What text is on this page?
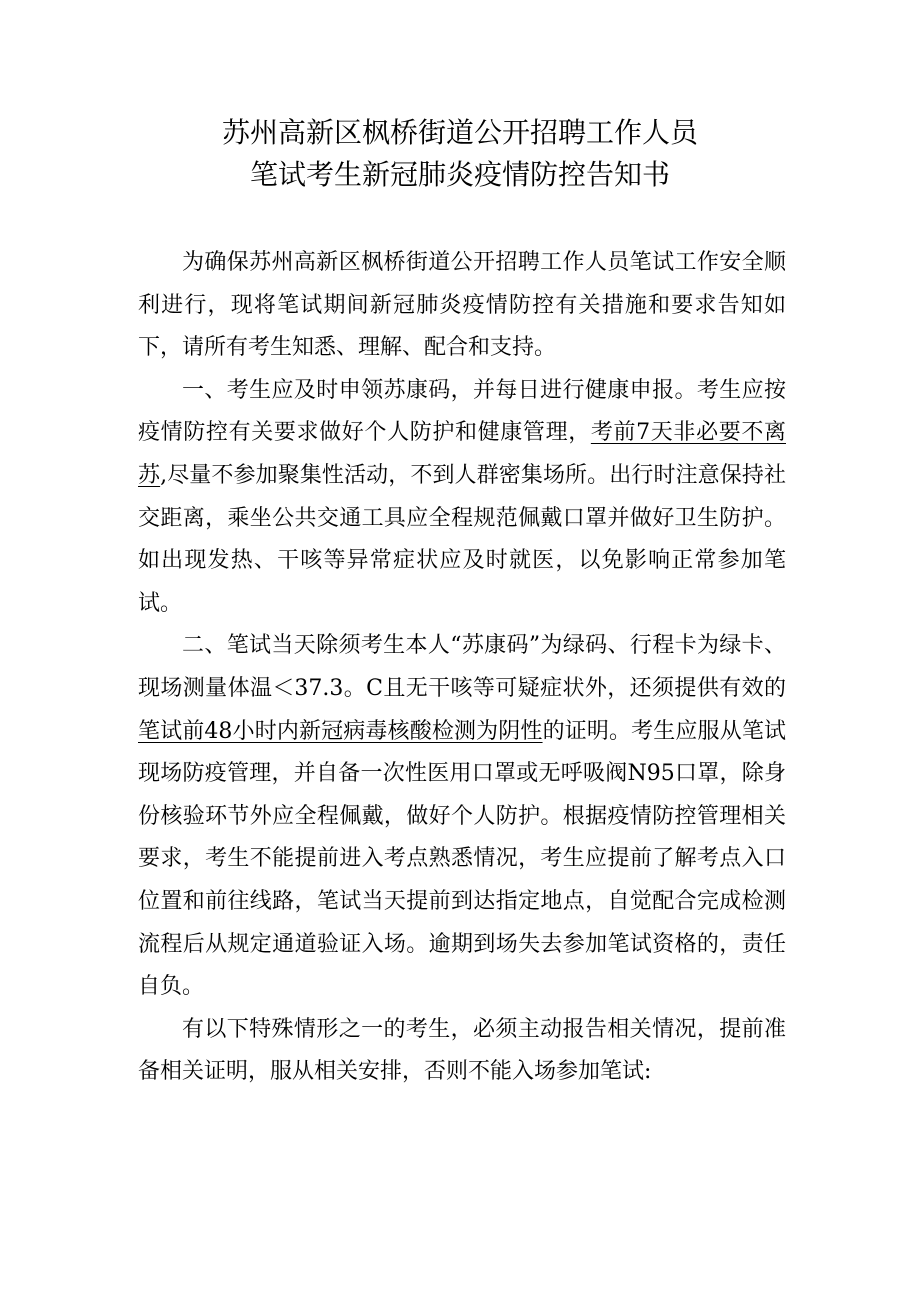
苏州高新区枫桥街道公开招聘工作人员
笔试考生新冠肺炎疫情防控告知书

为确保苏州高新区枫桥街道公开招聘工作人员笔试工作安全顺利进行，现将笔试期间新冠肺炎疫情防控有关措施和要求告知如下，请所有考生知悉、理解、配合和支持。

一、考生应及时申领苏康码，并每日进行健康申报。考生应按疫情防控有关要求做好个人防护和健康管理，考前7天非必要不离苏,尽量不参加聚集性活动，不到人群密集场所。出行时注意保持社交距离，乘坐公共交通工具应全程规范佩戴口罩并做好卫生防护。如出现发热、干咳等异常症状应及时就医，以免影响正常参加笔试。

二、笔试当天除须考生本人“苏康码”为绿码、行程卡为绿卡、现场测量体温＜37.3。C且无干咳等可疑症状外，还须提供有效的笔试前48小时内新冠病毒核酸检测为阴性的证明。考生应服从笔试现场防疫管理，并自备一次性医用口罩或无呼吸阀N95口罩，除身份核验环节外应全程佩戴，做好个人防护。根据疫情防控管理相关要求，考生不能提前进入考点熟悉情况，考生应提前了解考点入口位置和前往线路，笔试当天提前到达指定地点，自觉配合完成检测流程后从规定通道验证入场。逾期到场失去参加笔试资格的，责任自负。

有以下特殊情形之一的考生，必须主动报告相关情况，提前准备相关证明，服从相关安排，否则不能入场参加笔试:
